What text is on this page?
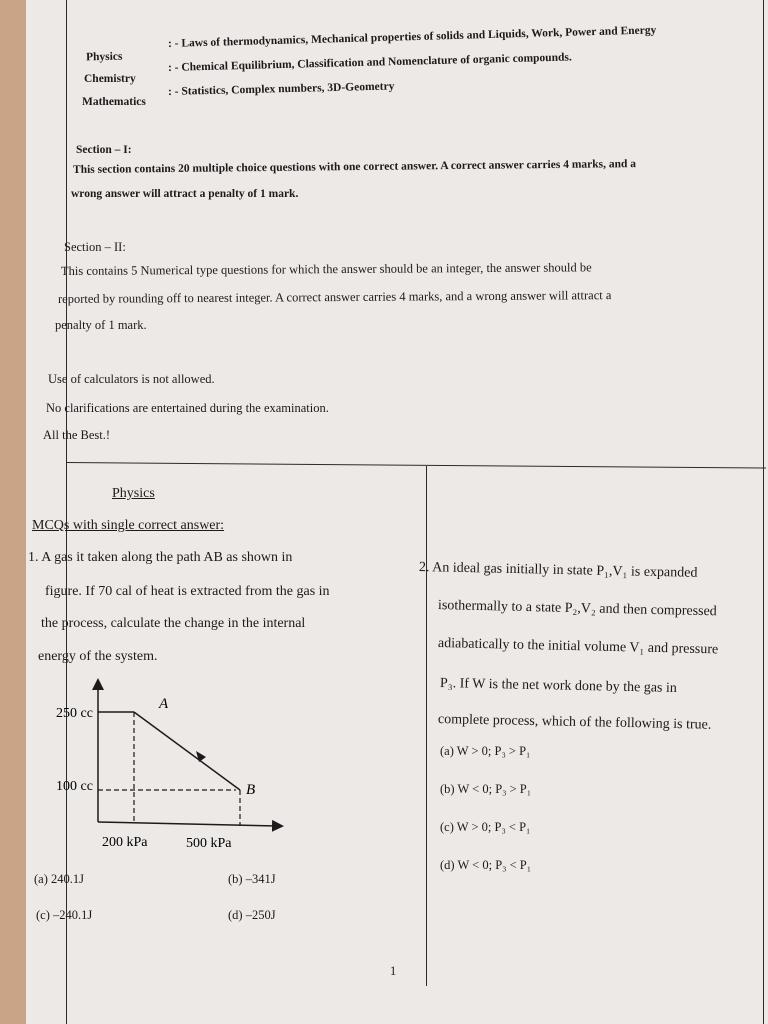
Physics
: - Laws of thermodynamics, Mechanical properties of solids and Liquids, Work, Power and Energy
Chemistry
: - Chemical Equilibrium, Classification and Nomenclature of organic compounds.
Mathematics
: - Statistics, Complex numbers, 3D-Geometry
Section – I:
This section contains 20 multiple choice questions with one correct answer. A correct answer carries 4 marks, and a
wrong answer will attract a penalty of 1 mark.
Section – II:
This contains 5 Numerical type questions for which the answer should be an integer, the answer should be
reported by rounding off to nearest integer. A correct answer carries 4 marks, and a wrong answer will attract a
penalty of 1 mark.
Use of calculators is not allowed.
No clarifications are entertained during the examination.
All the Best.!
Physics
MCQs with single correct answer:
1. A gas it taken along the path AB as shown in
figure. If 70 cal of heat is extracted from the gas in
the process, calculate the change in the internal
energy of the system.
A
B
250 cc
100 cc
200 kPa	500 kPa
(a) 240.1J	(b) –341J
(c) –240.1J	(d) –250J
2. An ideal gas initially in state P₁,V₁ is expanded
isothermally to a state P₂,V₂ and then compressed
adiabatically to the initial volume V₁ and pressure
P₃. If W is the net work done by the gas in
complete process, which of the following is true.
(a) W > 0; P₃ > P₁
(b) W < 0; P₃ > P₁
(c) W > 0; P₃ < P₁
(d) W < 0; P₃ < P₁
1
